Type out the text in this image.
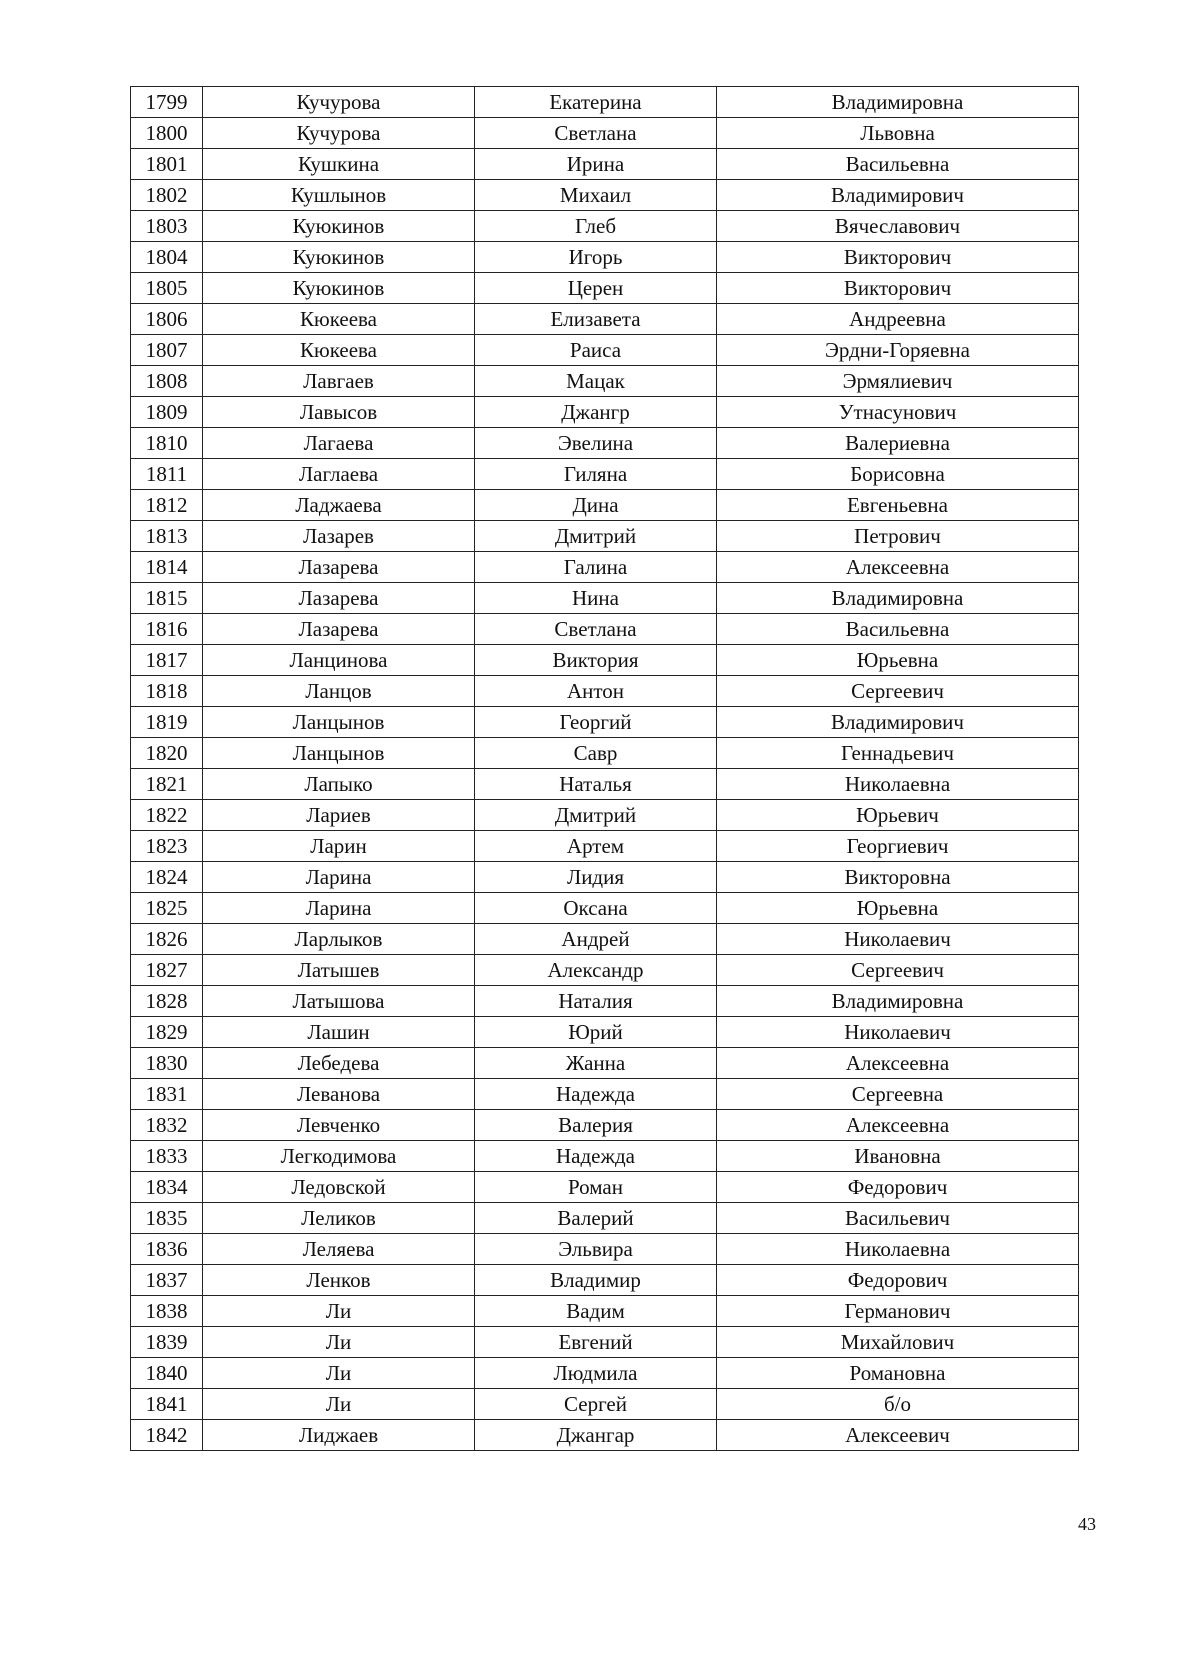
1799	Кучурова	Екатерина	Владимировна
1800	Кучурова	Светлана	Львовна
1801	Кушкина	Ирина	Васильевна
1802	Кушлынов	Михаил	Владимирович
1803	Куюкинов	Глеб	Вячеславович
1804	Куюкинов	Игорь	Викторович
1805	Куюкинов	Церен	Викторович
1806	Кюкеева	Елизавета	Андреевна
1807	Кюкеева	Раиса	Эрдни-Горяевна
1808	Лавгаев	Мацак	Эрмялиевич
1809	Лавысов	Джангр	Утнасунович
1810	Лагаева	Эвелина	Валериевна
1811	Лаглаева	Гиляна	Борисовна
1812	Ладжаева	Дина	Евгеньевна
1813	Лазарев	Дмитрий	Петрович
1814	Лазарева	Галина	Алексеевна
1815	Лазарева	Нина	Владимировна
1816	Лазарева	Светлана	Васильевна
1817	Ланцинова	Виктория	Юрьевна
1818	Ланцов	Антон	Сергеевич
1819	Ланцынов	Георгий	Владимирович
1820	Ланцынов	Савр	Геннадьевич
1821	Лапыко	Наталья	Николаевна
1822	Лариев	Дмитрий	Юрьевич
1823	Ларин	Артем	Георгиевич
1824	Ларина	Лидия	Викторовна
1825	Ларина	Оксана	Юрьевна
1826	Ларлыков	Андрей	Николаевич
1827	Латышев	Александр	Сергеевич
1828	Латышова	Наталия	Владимировна
1829	Лашин	Юрий	Николаевич
1830	Лебедева	Жанна	Алексеевна
1831	Леванова	Надежда	Сергеевна
1832	Левченко	Валерия	Алексеевна
1833	Легкодимова	Надежда	Ивановна
1834	Ледовской	Роман	Федорович
1835	Леликов	Валерий	Васильевич
1836	Леляева	Эльвира	Николаевна
1837	Ленков	Владимир	Федорович
1838	Ли	Вадим	Германович
1839	Ли	Евгений	Михайлович
1840	Ли	Людмила	Романовна
1841	Ли	Сергей	б/о
1842	Лиджаев	Джангар	Алексеевич
43
